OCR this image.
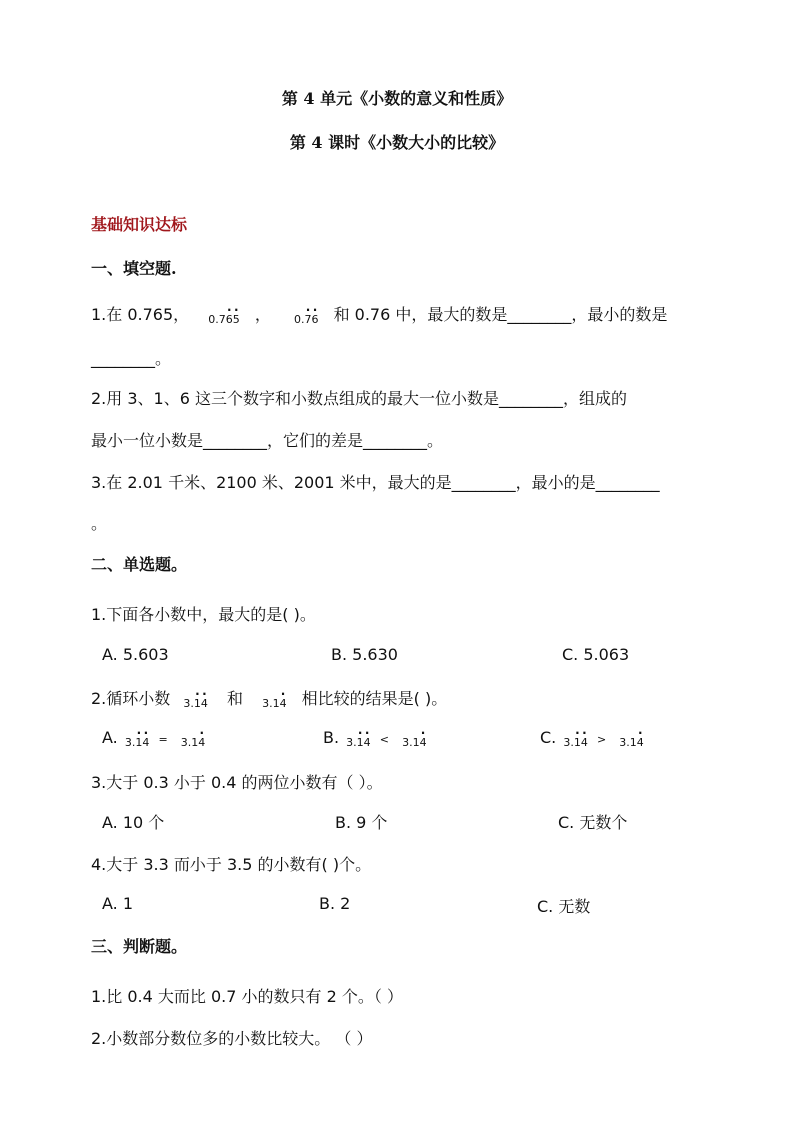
第 4 单元《小数的意义和性质》
第 4 课时《小数大小的比较》
基础知识达标
一、填空题.
1.在 0.765， 0.7· 6· 5 ， 0.· 7· 6 和 0.76 中，最大的数是________，最小的数是
________。
2.用 3、1、6 这三个数字和小数点组成的最大一位小数是________，组成的
最小一位小数是________，它们的差是________。
3.在 2.01 千米、2100 米、2001 米中，最大的是________，最小的是________
。
二、单选题。
1.下面各小数中，最大的是( )。
A. 5.603	B. 5.630	C. 5.063
2.循环小数 3.· 1· 4 和 3.1· 4 相比较的结果是( )。
A. 3.· 1· 4 = 3.1· 4	B. 3.· 1· 4 < 3.1· 4	C. 3.· 1· 4 > 3.1· 4
3.大于 0.3 小于 0.4 的两位小数有（ ）。
A. 10 个	B. 9 个	C. 无数个
4.大于 3.3 而小于 3.5 的小数有( )个。
A. 1	B. 2	C. 无数
三、判断题。
1.比 0.4 大而比 0.7 小的数只有 2 个。（ ）
2.小数部分数位多的小数比较大。 （ ）
